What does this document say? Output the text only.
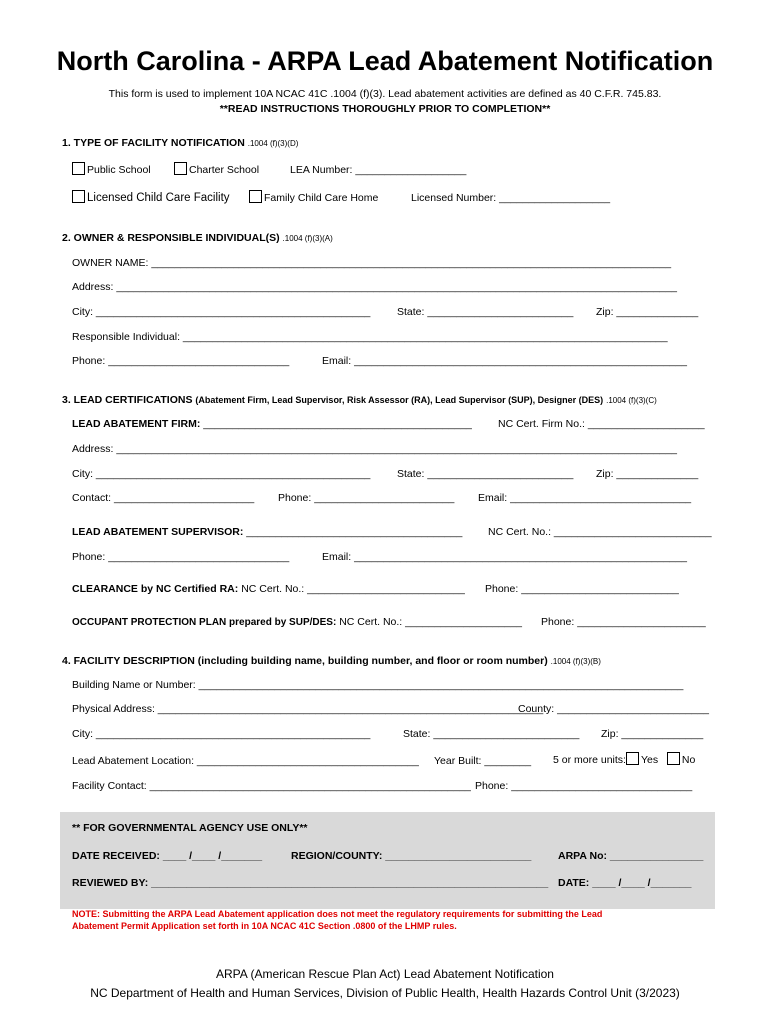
North Carolina - ARPA Lead Abatement Notification
This form is used to implement 10A NCAC 41C .1004 (f)(3). Lead abatement activities are defined as 40 C.F.R. 745.83.
**READ INSTRUCTIONS THOROUGHLY PRIOR TO COMPLETION**
1. TYPE OF FACILITY NOTIFICATION .1004 (f)(3)(D)
Public School	Charter School	LEA Number: ___________________
Licensed Child Care Facility	Family Child Care Home	Licensed Number: ___________________
2. OWNER & RESPONSIBLE INDIVIDUAL(S) .1004 (f)(3)(A)
OWNER NAME: _________________________________________________________________________________________
Address: ________________________________________________________________________________________________
City: _______________________________________________	State: _________________________ Zip: ______________
Responsible Individual: ___________________________________________________________________________________
Phone: _______________________________	Email: _________________________________________________________
3. LEAD CERTIFICATIONS (Abatement Firm, Lead Supervisor, Risk Assessor (RA), Lead Supervisor (SUP), Designer (DES) .1004 (f)(3)(C)
LEAD ABATEMENT FIRM: ______________________________________________ NC Cert. Firm No.: ____________________
Address: ________________________________________________________________________________________________
City: _______________________________________________	State: _________________________ Zip: ______________
Contact: ________________________ Phone: ________________________ Email: _______________________________
LEAD ABATEMENT SUPERVISOR: _____________________________________ NC Cert. No.: ___________________________
Phone: _______________________________	Email: _________________________________________________________
CLEARANCE by NC Certified RA: NC Cert. No.: ___________________________ Phone: ___________________________
OCCUPANT PROTECTION PLAN prepared by SUP/DES: NC Cert. No.: ____________________ Phone: ______________________
4. FACILITY DESCRIPTION (including building name, building number, and floor or room number) .1004 (f)(3)(B)
Building Name or Number: ___________________________________________________________________________________
Physical Address: __________________________________________________________________
County: __________________________
City: _______________________________________________	State: _________________________ Zip: ______________
Lead Abatement Location: ______________________________________ Year Built: ________ 5 or more units: Yes No
Facility Contact: _______________________________________________________ Phone: _______________________________
** FOR GOVERNMENTAL AGENCY USE ONLY**
DATE RECEIVED: ____ /____ /_______	REGION/COUNTY: _________________________	ARPA No: ________________
REVIEWED BY: ____________________________________________________________________ DATE: ____ /____ /_______
NOTE: Submitting the ARPA Lead Abatement application does not meet the regulatory requirements for submitting the Lead
Abatement Permit Application set forth in 10A NCAC 41C Section .0800 of the LHMP rules.
ARPA (American Rescue Plan Act) Lead Abatement Notification
NC Department of Health and Human Services, Division of Public Health, Health Hazards Control Unit (3/2023)
